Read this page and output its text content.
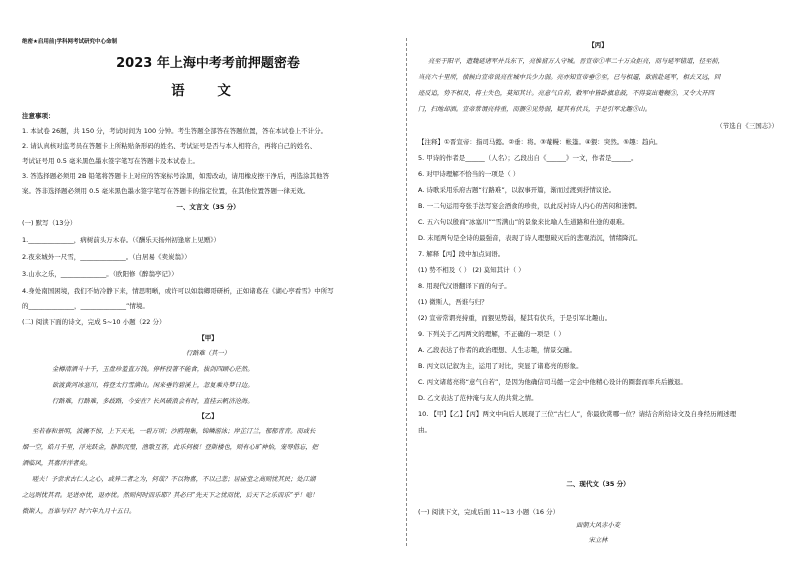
绝密★启用前|学科网考试研究中心命制
2023 年上海中考考前押题密卷
语 文
注意事项：
1. 本试卷 26题，共 150 分，考试时间为 100 分钟。考生答题全部答在答题位置，答在本试卷上不计分。
2. 请认真核对监考员在答题卡上所粘贴条形码的姓名、考试证号是否与本人相符合，再将自己的姓名、
考试证号用 0.5 毫米黑色墨水签字笔写在答题卡及本试卷上。
3. 答选择题必须用 2B 铅笔将答题卡上对应的答案标号涂黑，如需改动，请用橡皮擦干净后，再选涂其他答
案。答非选择题必须用 0.5 毫米黑色墨水签字笔写在答题卡的指定位置，在其他位置答题一律无效。
一、文言文（35 分）
(一) 默写（13分）
1.______________，病树前头万木春。（《酬乐天扬州初逢席上见赠》）
2.夜来城外一尺雪，______________。（白居易《卖炭翁》）
3.山水之乐，______________。（欧阳修《醉翁亭记》）
4.身处南国困境，我们不妨冷静下来，情思明晰，或许可以如翁卿哥研析，正如诸葛在《湖心亭看雪》中所写
的______________，______________”情境。
(二) 阅读下面的诗文，完成 5~10 小题（22 分）
【甲】
行路难（其一）
金樽清酒斗十千，玉盘珍羞直万钱。停杯投箸不能食，拔剑四顾心茫然。
欲渡黄河冰塞川，将登太行雪满山。闲来垂钓碧溪上，忽复乘舟梦日边。
行路难，行路难，多歧路，今安在？长风破浪会有时，直挂云帆济沧海。
【乙】
至若春和景明，波澜不惊，上下天光，一碧万顷；沙鸥翔集，锦鳞游泳；岸芷汀兰，郁郁青青。而或长
烟一空，皓月千里，浮光跃金，静影沉璧，渔歌互答，此乐何极！登斯楼也，则有心旷神怡，宠辱偕忘，把
酒临风，其喜洋洋者矣。
嗟夫！予尝求古仁人之心，或异二者之为，何哉？不以物喜，不以己悲；居庙堂之高则忧其民；处江湖
之远则忧其君。是进亦忧，退亦忧。然则何时而乐耶？其必曰“先天下之忧而忧，后天下之乐而乐”乎！噫！
微斯人，吾谁与归？时六年九月十五日。
【丙】
亮至于阳平，遣魏延诸军并兵东下，亮惟留万人守城。晋宣帝①率二十万众拒亮，而与延军错道，径至前，
当亮六十里所，侦候白宣帝说亮在城中兵少力弱。亮亦知宣帝垂②至，已与相逼，欲前赴延军，相去又远，回
迹反追，势不相及，将士失色，莫知其计。亮意气自若，敕军中皆卧旗息鼓，不得妄出菴幔③，又令大开四
门，扫地却洒。宣帝常谓亮持重，而猥④见势弱，疑其有伏兵，于是引军北趣⑤山。
（节选自《三国志》）
【注释】①晋宣帝：指司马懿。②垂：将。③菴幔：帐篷。④猥：突然。⑤趣：趋向。
5. 甲诗的作者是______（人名）；乙段出自《______》一文，作者是______。
6. 对甲诗理解不恰当的一项是（ ）
A. 诗歌采用乐府古题“行路难”，以叙事开篇，渐而过渡到抒情议论。
B. 一二句运用夸张手法写宴会酒食的珍贵，以此反衬诗人内心的苦闷和迷惘。
C. 五六句以殷商“冰塞川”“雪满山”的景象来比喻人生道路和仕途的艰难。
D. 末尾两句是全诗的最强音，表现了诗人理想破灭后的悲观消沉，情绪降沉。
7. 解释【丙】段中加点词语。
(1) 势不相及（ ） (2) 莫知其计（ ）
8. 用现代汉语翻译下面的句子。
(1) 微斯人，吾谁与归？
(2) 宣帝常谓亮持重，而猥见势弱，疑其有伏兵，于是引军北趣山。
9. 下列关于乙丙两文的理解，不正确的一项是（ ）
A. 乙段表达了作者的政治理想、人生志趣，情景交融。
B. 丙文以记叙为主，运用了对比，突显了诸葛亮的形象。
C. 丙文诸葛亮将“意气自若”，是因为他确信司马懿一定会中他精心设计的圈套而率兵后撤退。
D. 乙文表达了范仲淹与友人的共赏之情。
10. 【甲】【乙】【丙】两文中向后人展现了三位“古仁人”，你最欣赏哪一位？请结合所给诗文及自身经历阐述理
由。
二、现代文（35 分）
(一) 阅读下文，完成后面 11~13 小题（16 分）
面朝大风赤小麦
宋立林
